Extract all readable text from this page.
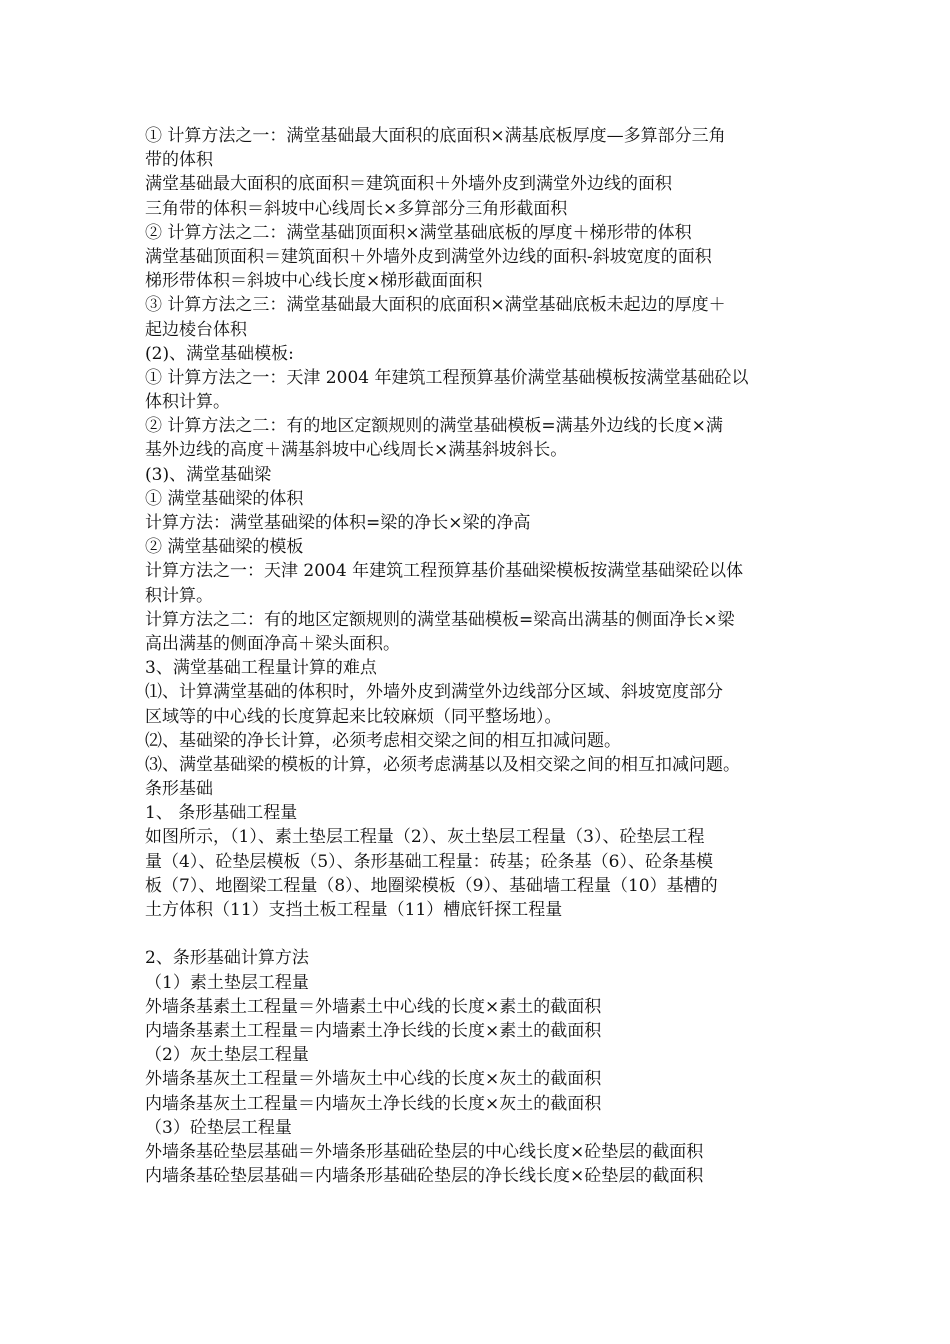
① 计算方法之一：满堂基础最大面积的底面积×满基底板厚度—多算部分三角
带的体积
满堂基础最大面积的底面积＝建筑面积＋外墙外皮到满堂外边线的面积
三角带的体积＝斜坡中心线周长×多算部分三角形截面积
② 计算方法之二：满堂基础顶面积×满堂基础底板的厚度＋梯形带的体积
满堂基础顶面积＝建筑面积＋外墙外皮到满堂外边线的面积-斜坡宽度的面积
梯形带体积＝斜坡中心线长度×梯形截面面积
③ 计算方法之三：满堂基础最大面积的底面积×满堂基础底板未起边的厚度＋
起边棱台体积
(2)、满堂基础模板:
① 计算方法之一：天津 2004 年建筑工程预算基价满堂基础模板按满堂基础砼以
体积计算。
② 计算方法之二：有的地区定额规则的满堂基础模板=满基外边线的长度×满
基外边线的高度＋满基斜坡中心线周长×满基斜坡斜长。
(3)、满堂基础梁
① 满堂基础梁的体积
计算方法：满堂基础梁的体积=梁的净长×梁的净高
② 满堂基础梁的模板
计算方法之一：天津 2004 年建筑工程预算基价基础梁模板按满堂基础梁砼以体
积计算。
计算方法之二：有的地区定额规则的满堂基础模板=梁高出满基的侧面净长×梁
高出满基的侧面净高＋梁头面积。
3、满堂基础工程量计算的难点
⑴、计算满堂基础的体积时，外墙外皮到满堂外边线部分区域、斜坡宽度部分
区域等的中心线的长度算起来比较麻烦（同平整场地）。
⑵、基础梁的净长计算，必须考虑相交梁之间的相互扣减问题。
⑶、满堂基础梁的模板的计算，必须考虑满基以及相交梁之间的相互扣减问题。
条形基础
1、 条形基础工程量
如图所示，（1）、素土垫层工程量（2）、灰土垫层工程量（3）、砼垫层工程
量（4）、砼垫层模板（5）、条形基础工程量：砖基；砼条基（6）、砼条基模
板（7）、地圈梁工程量（8）、地圈梁模板（9）、基础墙工程量（10）基槽的
土方体积（11）支挡土板工程量（11）槽底钎探工程量
2、条形基础计算方法
（1）素土垫层工程量
外墙条基素土工程量＝外墙素土中心线的长度×素土的截面积
内墙条基素土工程量＝内墙素土净长线的长度×素土的截面积
（2）灰土垫层工程量
外墙条基灰土工程量＝外墙灰土中心线的长度×灰土的截面积
内墙条基灰土工程量＝内墙灰土净长线的长度×灰土的截面积
（3）砼垫层工程量
外墙条基砼垫层基础＝外墙条形基础砼垫层的中心线长度×砼垫层的截面积
内墙条基砼垫层基础＝内墙条形基础砼垫层的净长线长度×砼垫层的截面积
